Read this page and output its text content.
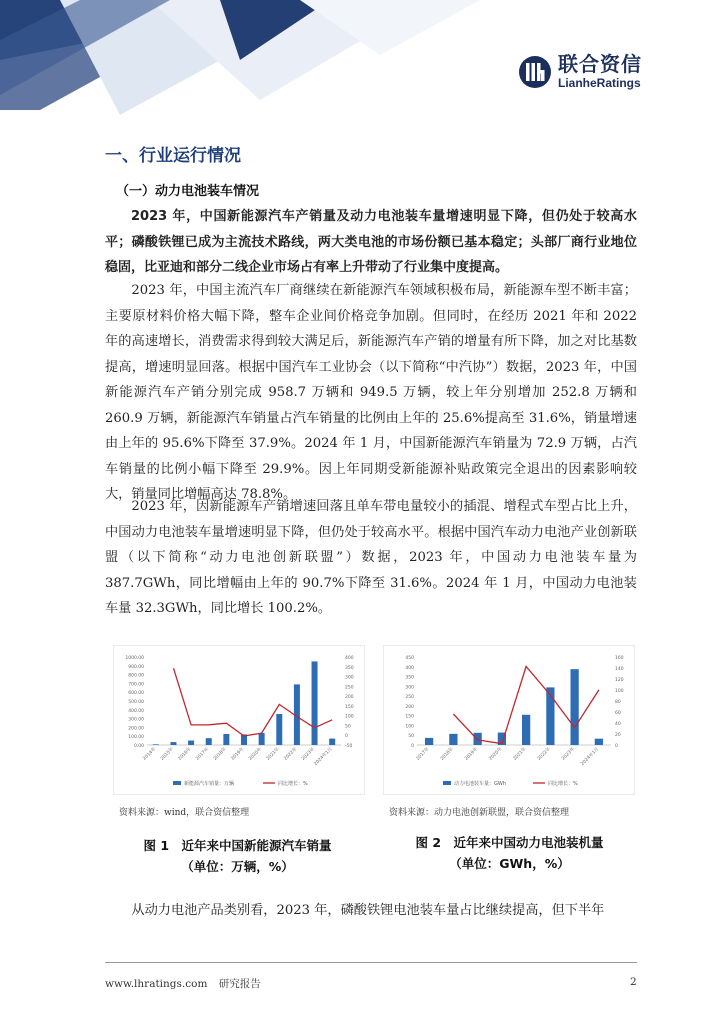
联合资信
LianheRatings
一、行业运行情况
（一）动力电池装车情况

2023 年，中国新能源汽车产销量及动力电池装车量增速明显下降，但仍处于较高水平；磷酸铁锂已成为主流技术路线，两大类电池的市场份额已基本稳定；头部厂商行业地位稳固，比亚迪和部分二线企业市场占有率上升带动了行业集中度提高。

2023 年，中国主流汽车厂商继续在新能源汽车领域积极布局，新能源车型不断丰富；主要原材料价格大幅下降，整车企业间价格竞争加剧。但同时，在经历 2021 年和 2022 年的高速增长，消费需求得到较大满足后，新能源汽车产销的增量有所下降，加之对比基数提高，增速明显回落。根据中国汽车工业协会（以下简称“中汽协”）数据，2023 年，中国新能源汽车产销分别完成 958.7 万辆和 949.5 万辆，较上年分别增加 252.8 万辆和 260.9 万辆，新能源汽车销量占汽车销量的比例由上年的 25.6%提高至 31.6%，销量增速由上年的 95.6%下降至 37.9%。2024 年 1 月，中国新能源汽车销量为 72.9 万辆，占汽车销量的比例小幅下降至 29.9%。因上年同期受新能源补贴政策完全退出的因素影响较大，销量同比增幅高达 78.8%。

2023 年，因新能源车产销增速回落且单车带电量较小的插混、增程式车型占比上升，中国动力电池装车量增速明显下降，但仍处于较高水平。根据中国汽车动力电池产业创新联盟（以下简称“动力电池创新联盟”）数据，2023 年，中国动力电池装车量为 387.7GWh，同比增幅由上年的 90.7%下降至 31.6%。2024 年 1 月，中国动力电池装车量 32.3GWh，同比增长 100.2%。

0.00
100.00
200.00
300.00
400.00
500.00
600.00
700.00
800.00
900.00
1000.00
-50
0
50
100
150
200
250
300
350
400
2014年 2015年 2016年 2017年 2018年 2019年 2020年 2021年 2022年 2023年
2024年1月
新能源汽车销量：万辆	同比增长：%
0
50
100
150
200
250
300
350
400
450
0
20
40
60
80
100
120
140
160
2017年	2018年	2019年	2020年	2021年	2022年	2023年 2024年1月
动力电池装车量：GWh	同比增长：%
资料来源：wind，联合资信整理	资料来源：动力电池创新联盟，联合资信整理
图 1　近年来中国新能源汽车销量
（单位：万辆，%）
图 2　近年来中国动力电池装机量
（单位：GWh，%）

从动力电池产品类别看，2023 年，磷酸铁锂电池装车量占比继续提高，但下半年

www.lhratings.com 研究报告	2
